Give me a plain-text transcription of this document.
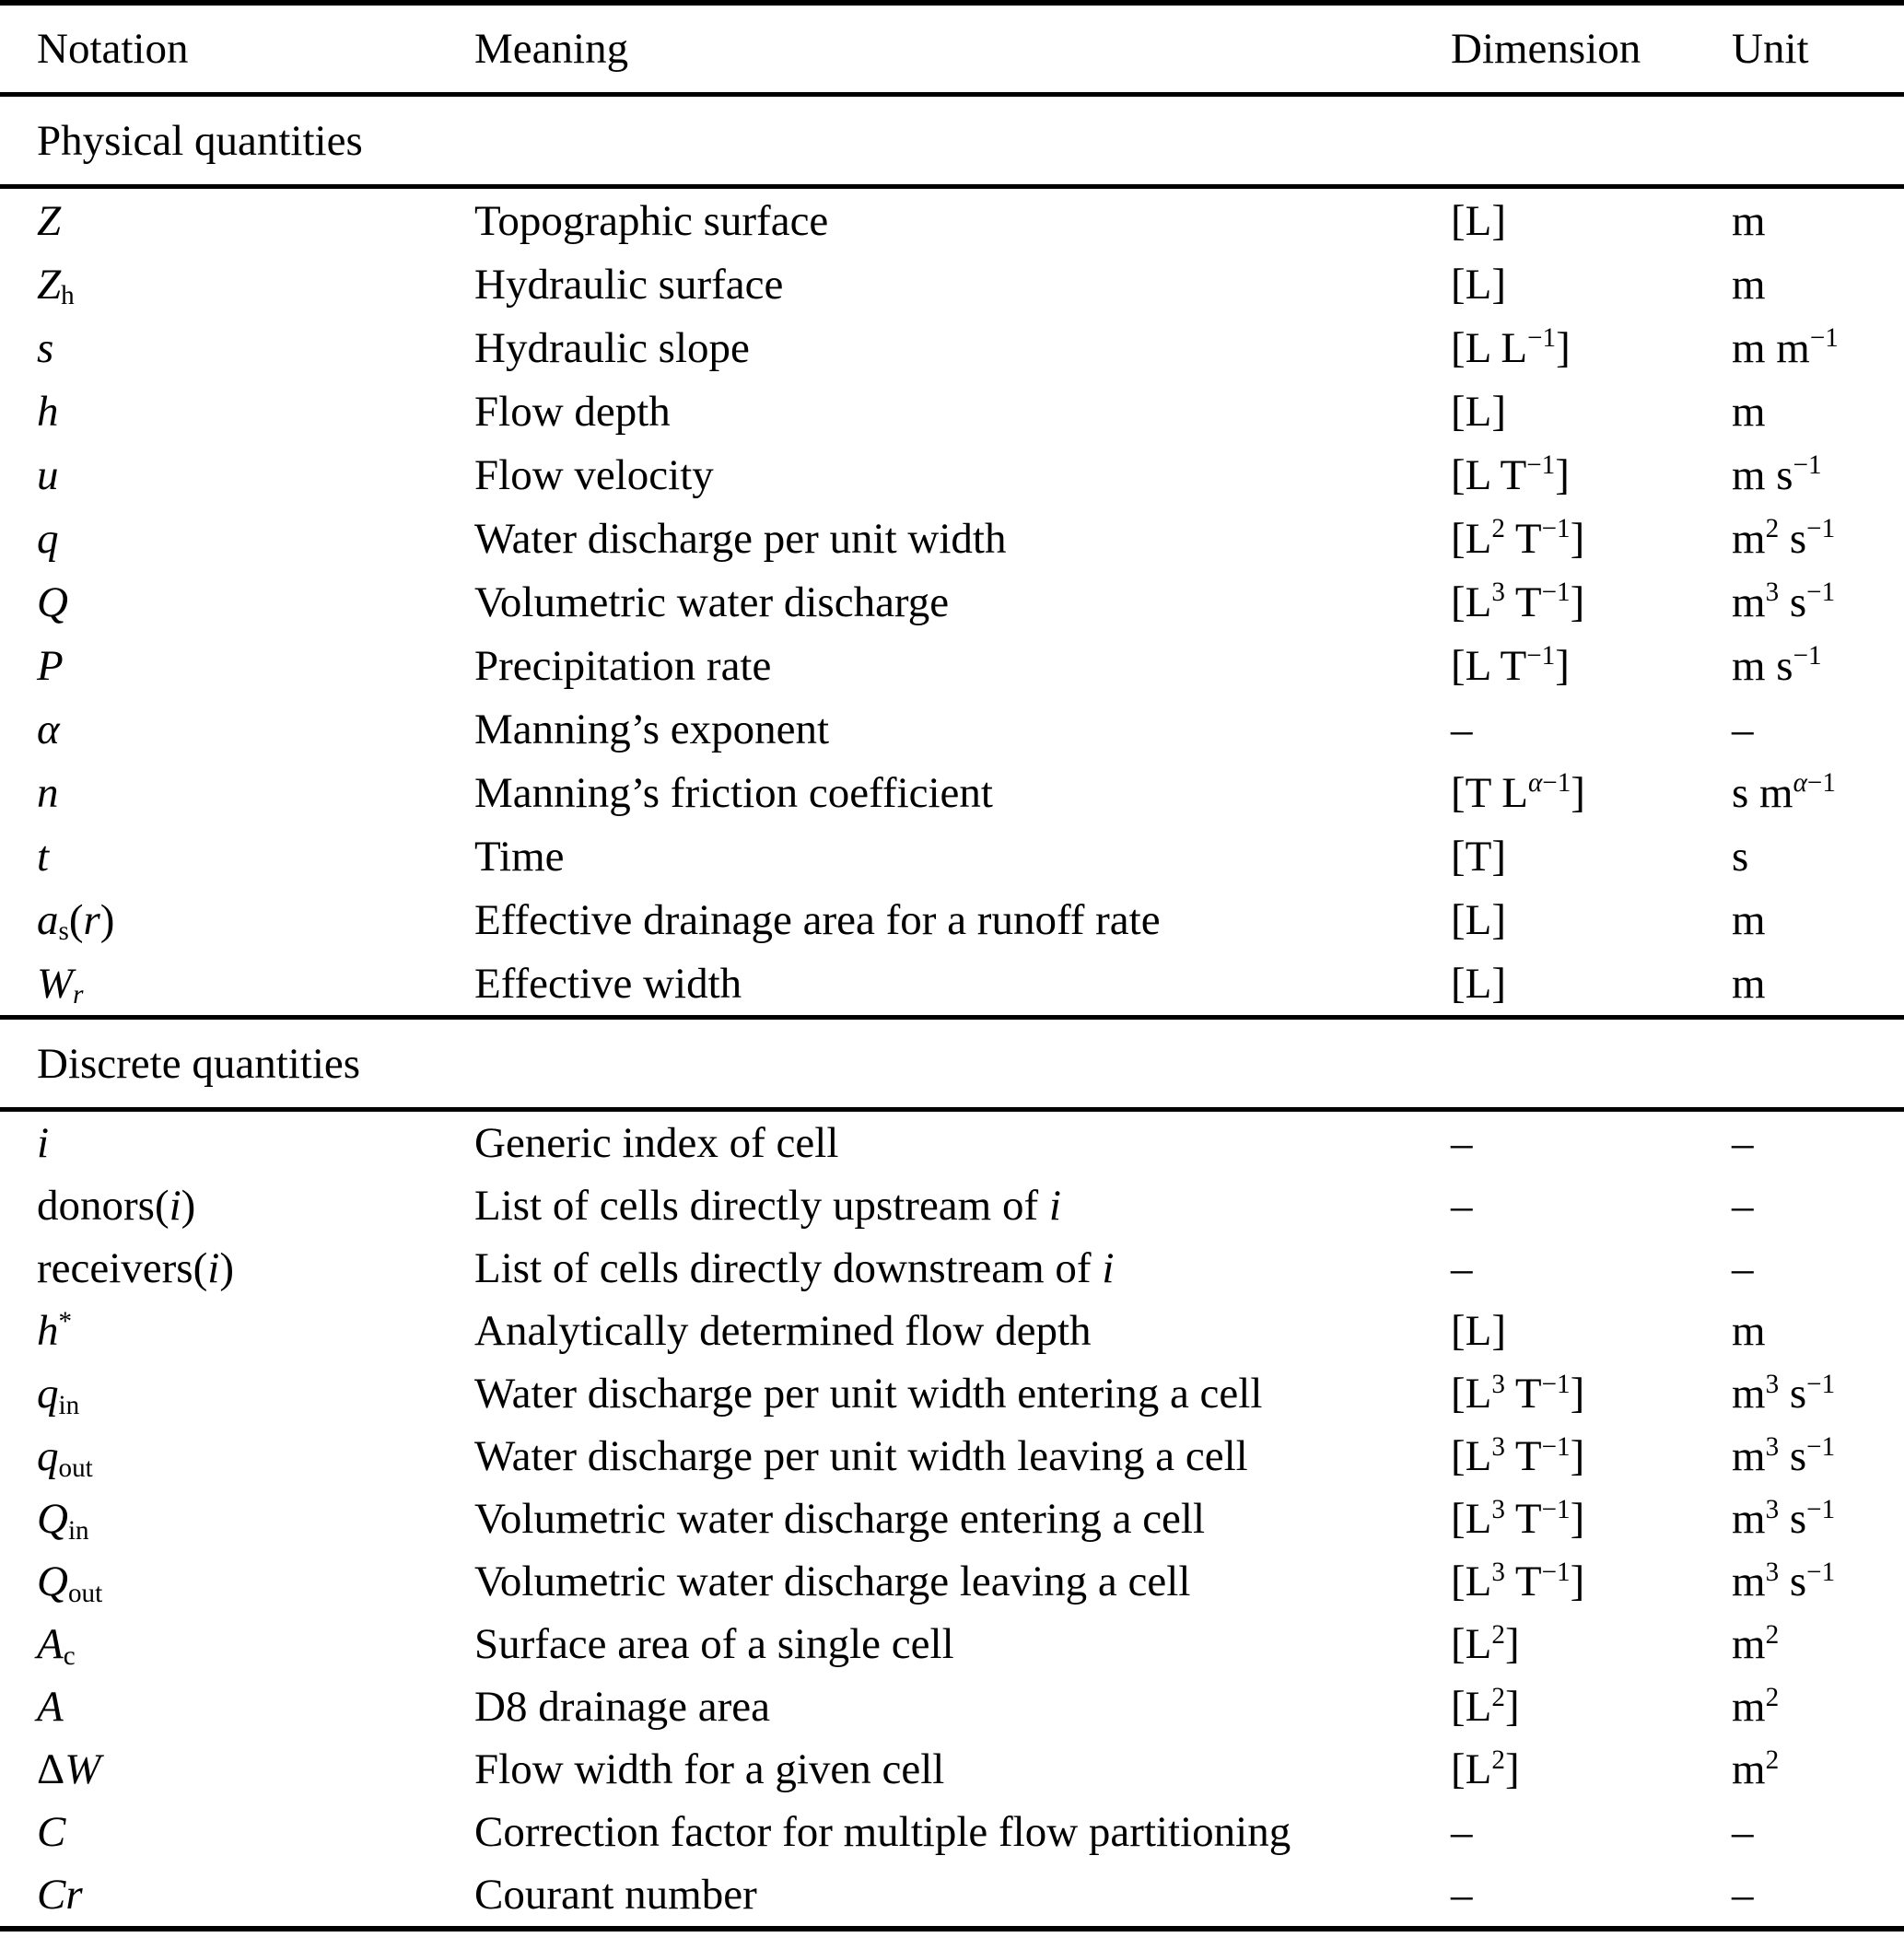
Notation	Meaning	Dimension	Unit
Physical quantities
Z	Topographic surface	[L]	m
$Z_h$	Hydraulic surface	[L]	m
s	Hydraulic slope	[L $L^{-1}$]	m $m^{-1}$
h	Flow depth	[L]	m
u	Flow velocity	[L $T^{-1}$]	m $s^{-1}$
q	Water discharge per unit width	[$L^2$ $T^{-1}$]	$m^2$ $s^{-1}$
Q	Volumetric water discharge	[$L^3$ $T^{-1}$]	$m^3$ $s^{-1}$
P	Precipitation rate	[L $T^{-1}$]	m $s^{-1}$
α	Manning’s exponent	–	–
n	Manning’s friction coefficient	[T $L^{\alpha-1}$]	s $m^{\alpha-1}$
t	Time	[T]	s
$a_s(r)$	Effective drainage area for a runoff rate	[L]	m
$W_r$	Effective width	[L]	m
Discrete quantities
i	Generic index of cell	–	–
donors(i)	List of cells directly upstream of i	–	–
receivers(i)	List of cells directly downstream of i	–	–
h*	Analytically determined flow depth	[L]	m
$q_{in}$	Water discharge per unit width entering a cell	[$L^3$ $T^{-1}$]	$m^3$ $s^{-1}$
$q_{out}$	Water discharge per unit width leaving a cell	[$L^3$ $T^{-1}$]	$m^3$ $s^{-1}$
$Q_{in}$	Volumetric water discharge entering a cell	[$L^3$ $T^{-1}$]	$m^3$ $s^{-1}$
$Q_{out}$	Volumetric water discharge leaving a cell	[$L^3$ $T^{-1}$]	$m^3$ $s^{-1}$
$A_c$	Surface area of a single cell	$[L^2]$	$m^2$
A	D8 drainage area	$[L^2]$	$m^2$
ΔW	Flow width for a given cell	$[L^2]$	$m^2$
C	Correction factor for multiple flow partitioning	–	–
Cr	Courant number	–	–
